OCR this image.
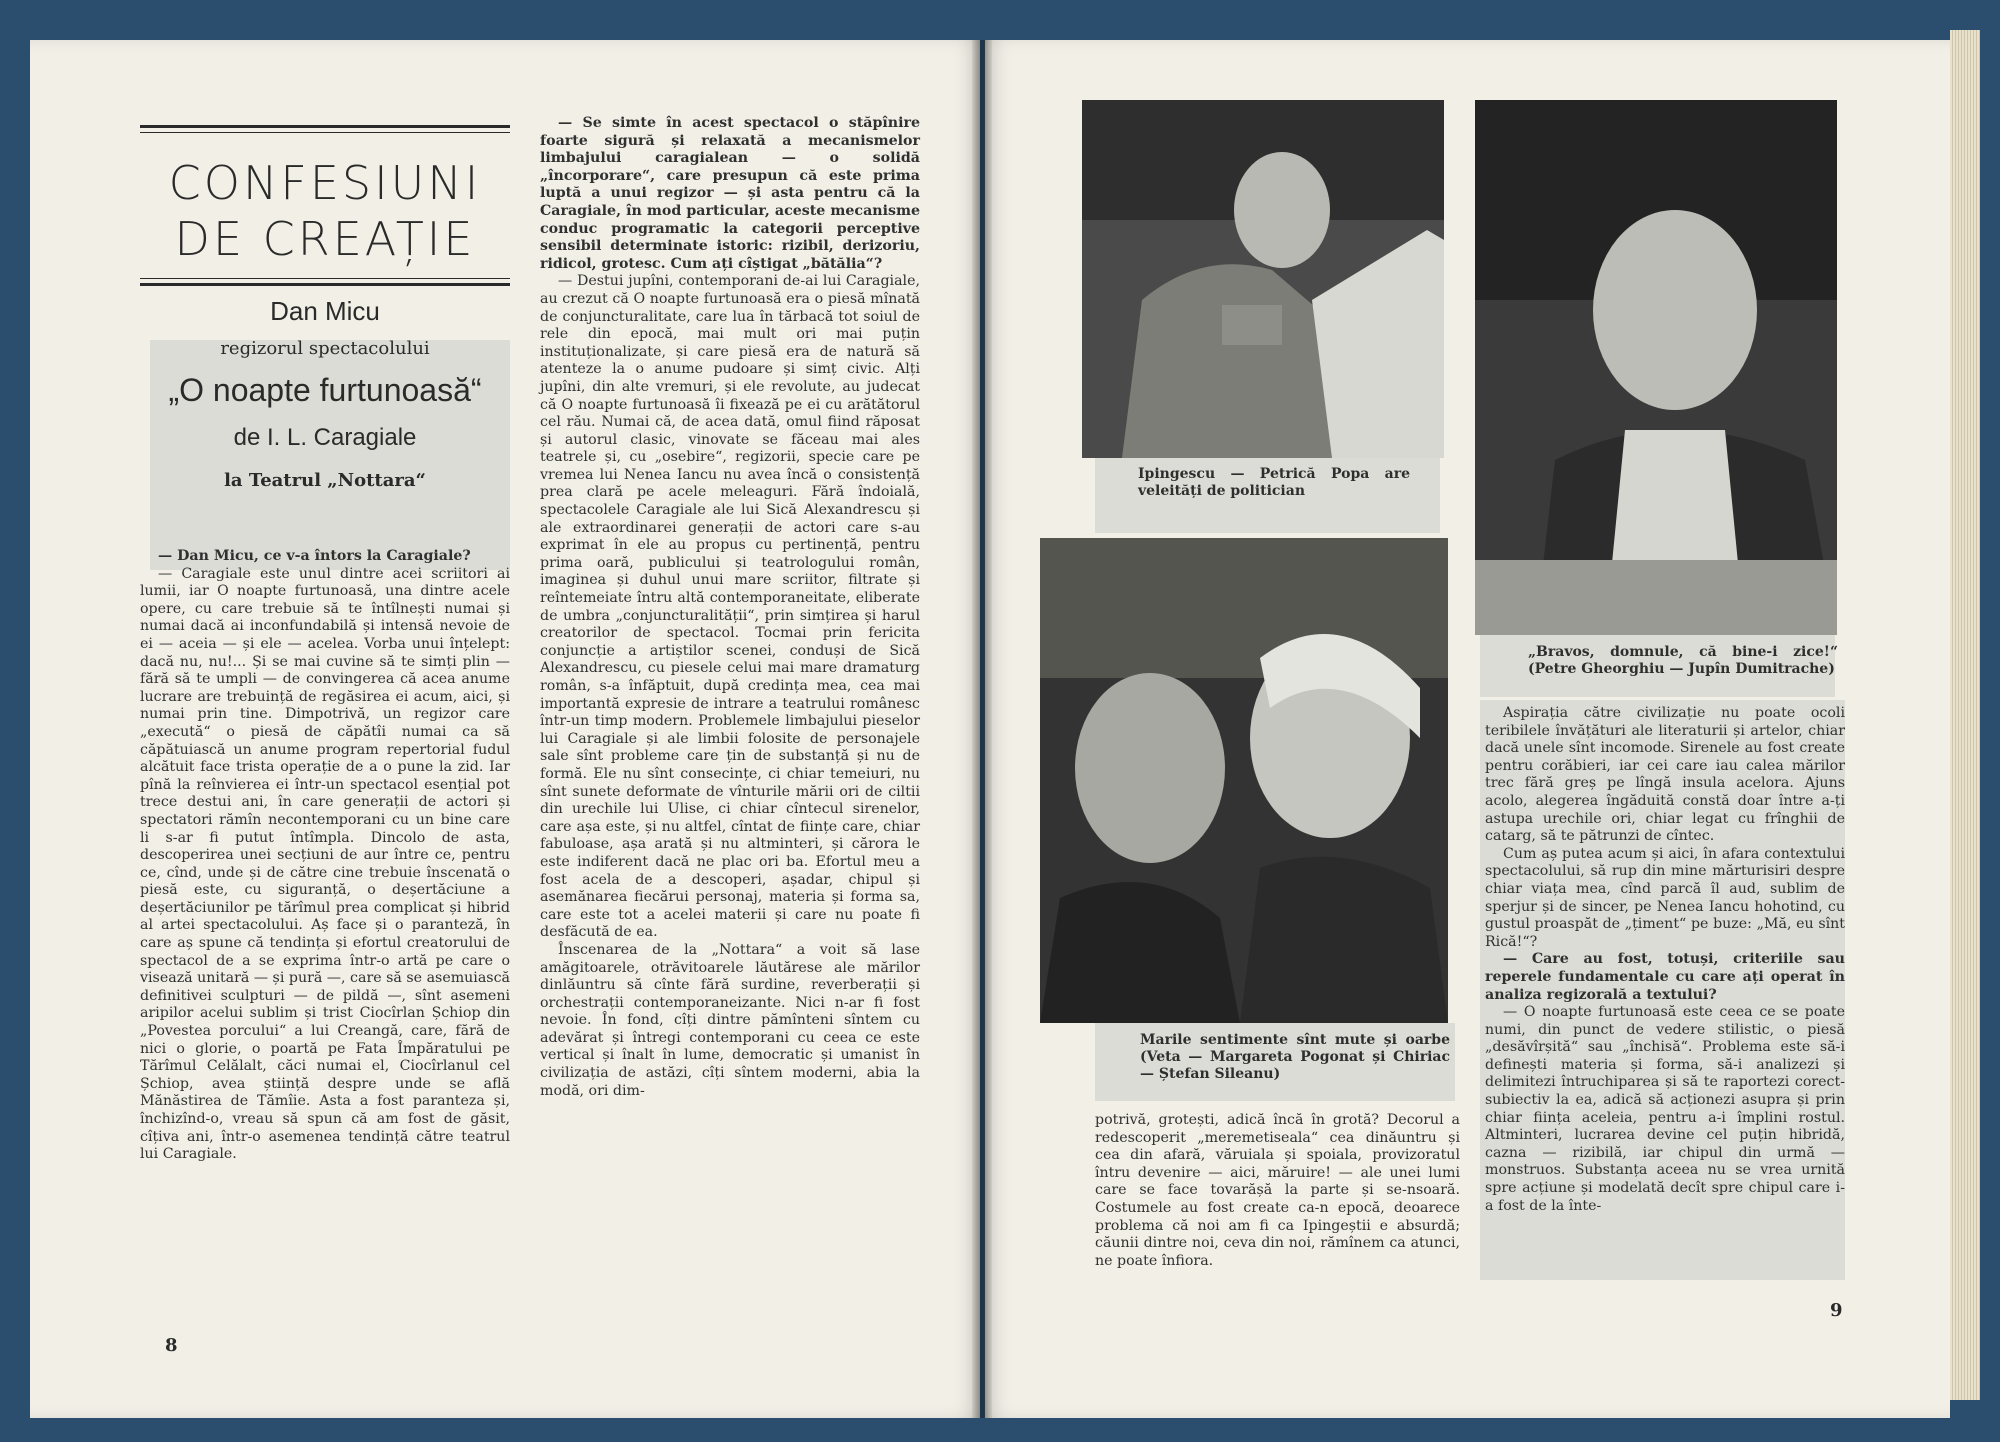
CONFESIUNI
DE CREAȚIE
Dan Micu
regizorul spectacolului
„O noapte furtunoasă“
de I. L. Caragiale
la Teatrul „Nottara“

— Dan Micu, ce v-a întors la Caragiale?

— Caragiale este unul dintre acei scriitori ai lumii, iar O noapte furtunoasă, una dintre acele opere, cu care trebuie să te întîlnești numai și numai dacă ai inconfundabilă și intensă nevoie de ei — aceia — și ele — acelea. Vorba unui înțelept: dacă nu, nu!... Și se mai cuvine să te simți plin — fără să te umpli — de convingerea că acea anume lucrare are trebuință de regăsirea ei acum, aici, și numai prin tine. Dimpotrivă, un regizor care „execută“ o piesă de căpătîi numai ca să căpătuiască un anume program repertorial fudul alcătuit face trista operație de a o pune la zid. Iar pînă la reînvierea ei într-un spectacol esențial pot trece destui ani, în care generații de actori și spectatori rămîn necontemporani cu un bine care li s-ar fi putut întîmpla. Dincolo de asta, descoperirea unei secțiuni de aur între ce, pentru ce, cînd, unde și de către cine trebuie înscenată o piesă este, cu siguranță, o deșertăciune a deșertăciunilor pe tărîmul prea complicat și hibrid al artei spectacolului. Aș face și o paranteză, în care aș spune că tendința și efortul creatorului de spectacol de a se exprima într-o artă pe care o visează unitară — și pură —, care să se asemuiască definitivei sculpturi — de pildă —, sînt asemeni aripilor acelui sublim și trist Ciocîrlan Șchiop din „Povestea porcului“ a lui Creangă, care, fără de nici o glorie, o poartă pe Fata Împăratului pe Tărîmul Celălalt, căci numai el, Ciocîrlanul cel Șchiop, avea știință despre unde se află Mănăstirea de Tămîie. Asta a fost paranteza și, închizînd-o, vreau să spun că am fost de găsit, cîțiva ani, într-o asemenea tendință către teatrul lui Caragiale.

— Se simte în acest spectacol o stăpînire foarte sigură și relaxată a mecanismelor limbajului caragialean — o solidă „încorporare“, care presupun că este prima luptă a unui regizor — și asta pentru că la Caragiale, în mod particular, aceste mecanisme conduc programatic la categorii perceptive sensibil determinate istoric: rizibil, derizoriu, ridicol, grotesc. Cum ați cîștigat „bătălia“?

— Destui jupîni, contemporani de-ai lui Caragiale, au crezut că O noapte furtunoasă era o piesă mînată de conjuncturalitate, care lua în tărbacă tot soiul de rele din epocă, mai mult ori mai puțin instituționalizate, și care piesă era de natură să atenteze la o anume pudoare și simț civic. Alți jupîni, din alte vremuri, și ele revolute, au judecat că O noapte furtunoasă îi fixează pe ei cu arătătorul cel rău. Numai că, de acea dată, omul fiind răposat și autorul clasic, vinovate se făceau mai ales teatrele și, cu „osebire“, regizorii, specie care pe vremea lui Nenea Iancu nu avea încă o consistență prea clară pe acele meleaguri. Fără îndoială, spectacolele Caragiale ale lui Sică Alexandrescu și ale extraordinarei generații de actori care s-au exprimat în ele au propus cu pertinență, pentru prima oară, publicului și teatrologului român, imaginea și duhul unui mare scriitor, filtrate și reîntemeiate întru altă contemporaneitate, eliberate de umbra „conjuncturalității“, prin simțirea și harul creatorilor de spectacol. Tocmai prin fericita conjuncție a artiștilor scenei, conduși de Sică Alexandrescu, cu piesele celui mai mare dramaturg român, s-a înfăptuit, după credința mea, cea mai importantă expresie de intrare a teatrului românesc într-un timp modern. Problemele limbajului pieselor lui Caragiale și ale limbii folosite de personajele sale sînt probleme care țin de substanță și nu de formă. Ele nu sînt consecințe, ci chiar temeiuri, nu sînt sunete deformate de vînturile mării ori de ciltii din urechile lui Ulise, ci chiar cîntecul sirenelor, care așa este, și nu altfel, cîntat de ființe care, chiar fabuloase, așa arată și nu altminteri, și cărora le este indiferent dacă ne plac ori ba. Efortul meu a fost acela de a descoperi, așadar, chipul și asemănarea fiecărui personaj, materia și forma sa, care este tot a acelei materii și care nu poate fi desfăcută de ea.

Înscenarea de la „Nottara“ a voit să lase amăgitoarele, otrăvitoarele lăutărese ale mărilor dinlăuntru să cînte fără surdine, reverberații și orchestrații contemporaneizante. Nici n-ar fi fost nevoie. În fond, cîți dintre pămînteni sîntem cu adevărat și întregi contemporani cu ceea ce este vertical și înalt în lume, democratic și umanist în civilizația de astăzi, cîți sîntem moderni, abia la modă, ori dim-

8
Ipingescu — Petrică Popa are veleități de politician
„Bravos, domnule, că bine-i zice!“ (Petre Gheorghiu — Jupîn Dumitrache)
Marile sentimente sînt mute și oarbe (Veta — Margareta Pogonat și Chiriac — Ștefan Sileanu)

potrivă, grotești, adică încă în grotă? Decorul a redescoperit „meremetiseala“ cea dinăuntru și cea din afară, văruiala și spoiala, provizoratul întru devenire — aici, măruire! — ale unei lumi care se face tovarășă la parte și se-nsoară. Costumele au fost create ca-n epocă, deoarece problema că noi am fi ca Ipingeștii e absurdă; căunii dintre noi, ceva din noi, rămînem ca atunci, ne poate înfiora.

Aspirația către civilizație nu poate ocoli teribilele învățături ale literaturii și artelor, chiar dacă unele sînt incomode. Sirenele au fost create pentru corăbieri, iar cei care iau calea mărilor trec fără greș pe lîngă insula acelora. Ajuns acolo, alegerea îngăduită constă doar între a-ți astupa urechile ori, chiar legat cu frînghii de catarg, să te pătrunzi de cîntec.

Cum aș putea acum și aici, în afara contextului spectacolului, să rup din mine mărturisiri despre chiar viața mea, cînd parcă îl aud, sublim de sperjur și de sincer, pe Nenea Iancu hohotind, cu gustul proaspăt de „țiment“ pe buze: „Mă, eu sînt Rică!“?

— Care au fost, totuși, criteriile sau reperele fundamentale cu care ați operat în analiza regizorală a textului?

— O noapte furtunoasă este ceea ce se poate numi, din punct de vedere stilistic, o piesă „desăvîrșită“ sau „închisă“. Problema este să-i definești materia și forma, să-i analizezi și delimitezi întruchiparea și să te raportezi corect-subiectiv la ea, adică să acționezi asupra și prin chiar ființa aceleia, pentru a-i împlini rostul. Altminteri, lucrarea devine cel puțin hibridă, cazna — rizibilă, iar chipul din urmă — monstruos. Substanța aceea nu se vrea urnită spre acțiune și modelată decît spre chipul care i-a fost de la înte-

9
